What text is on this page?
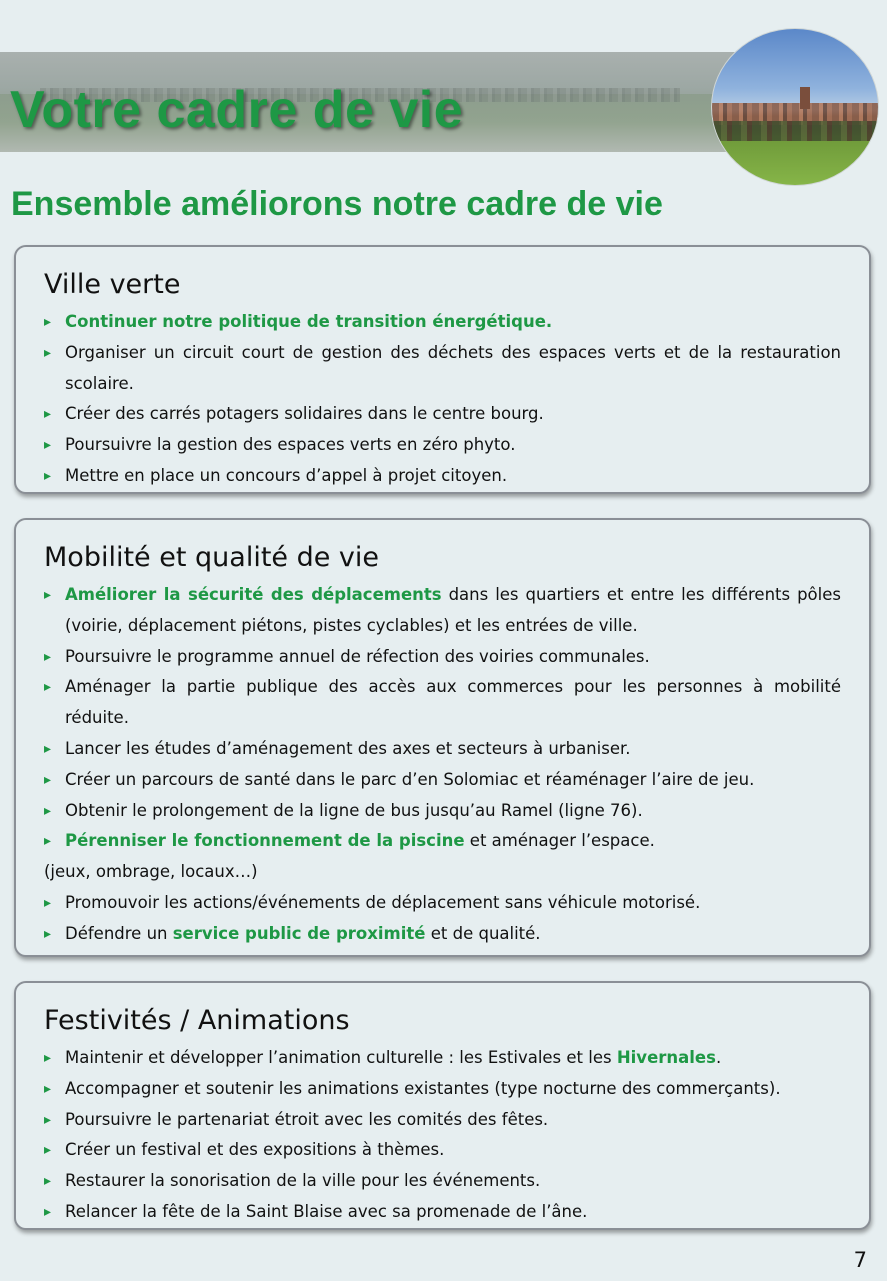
Votre cadre de vie
Ensemble améliorons notre cadre de vie
Ville verte
▸ Continuer notre politique de transition énergétique.
▸ Organiser un circuit court de gestion des déchets des espaces verts et de la restauration scolaire.
▸ Créer des carrés potagers solidaires dans le centre bourg.
▸ Poursuivre la gestion des espaces verts en zéro phyto.
▸ Mettre en place un concours d’appel à projet citoyen.
Mobilité et qualité de vie
▸ Améliorer la sécurité des déplacements dans les quartiers et entre les différents pôles (voirie, déplacement piétons, pistes cyclables) et les entrées de ville.
▸ Poursuivre le programme annuel de réfection des voiries communales.
▸ Aménager la partie publique des accès aux commerces pour les personnes à mobilité réduite.
▸ Lancer les études d’aménagement des axes et secteurs à urbaniser.
▸ Créer un parcours de santé dans le parc d’en Solomiac et réaménager l’aire de jeu.
▸ Obtenir le prolongement de la ligne de bus jusqu’au Ramel (ligne 76).
▸ Pérenniser le fonctionnement de la piscine et aménager l’espace.
(jeux, ombrage, locaux…)
▸ Promouvoir les actions/événements de déplacement sans véhicule motorisé.
▸ Défendre un service public de proximité et de qualité.
Festivités / Animations
▸ Maintenir et développer l’animation culturelle : les Estivales et les Hivernales.
▸ Accompagner et soutenir les animations existantes (type nocturne des commerçants).
▸ Poursuivre le partenariat étroit avec les comités des fêtes.
▸ Créer un festival et des expositions à thèmes.
▸ Restaurer la sonorisation de la ville pour les événements.
▸ Relancer la fête de la Saint Blaise avec sa promenade de l’âne.
7
